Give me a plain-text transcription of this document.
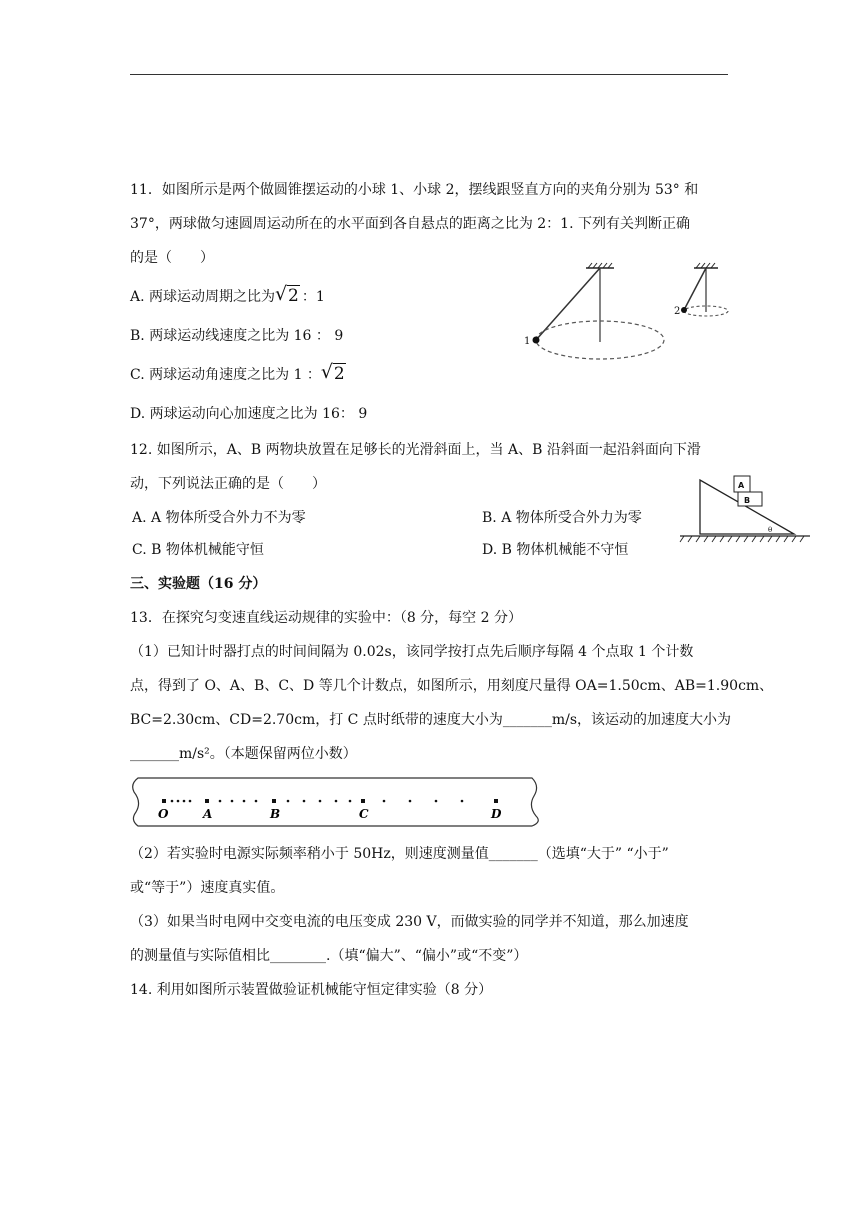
11．如图所示是两个做圆锥摆运动的小球 1、小球 2，摆线跟竖直方向的夹角分别为 53° 和
37°，两球做匀速圆周运动所在的水平面到各自悬点的距离之比为 2：1. 下列有关判断正确
的是（　　）
A. 两球运动周期之比为 √ 2 ：1
B. 两球运动线速度之比为 16 ： 9
C. 两球运动角速度之比为 1 ： √ 2
D. 两球运动向心加速度之比为 16： 9
1
2
12. 如图所示，A、B 两物块放置在足够长的光滑斜面上，当 A、B 沿斜面一起沿斜面向下滑
动，下列说法正确的是（　　）
A. A 物体所受合外力不为零	B. A 物体所受合外力为零
C. B 物体机械能守恒	D. B 物体机械能不守恒
A
B
θ
三、实验题（16 分）
13．在探究匀变速直线运动规律的实验中：（8 分，每空 2 分）
（1）已知计时器打点的时间间隔为 0.02s，该同学按打点先后顺序每隔 4 个点取 1 个计数
点，得到了 O、A、B、C、D 等几个计数点，如图所示，用刻度尺量得 OA=1.50cm、AB=1.90cm、
BC=2.30cm、CD=2.70cm，打 C 点时纸带的速度大小为_______m/s，该运动的加速度大小为
_______m/s²。（本题保留两位小数）
O	A	B	C	D
（2）若实验时电源实际频率稍小于 50Hz，则速度测量值_______（选填“大于” “小于”
或“等于”）速度真实值。
（3）如果当时电网中交变电流的电压变成 230 V，而做实验的同学并不知道，那么加速度
的测量值与实际值相比________.（填“偏大”、“偏小”或“不变”）
14. 利用如图所示装置做验证机械能守恒定律实验（8 分）
